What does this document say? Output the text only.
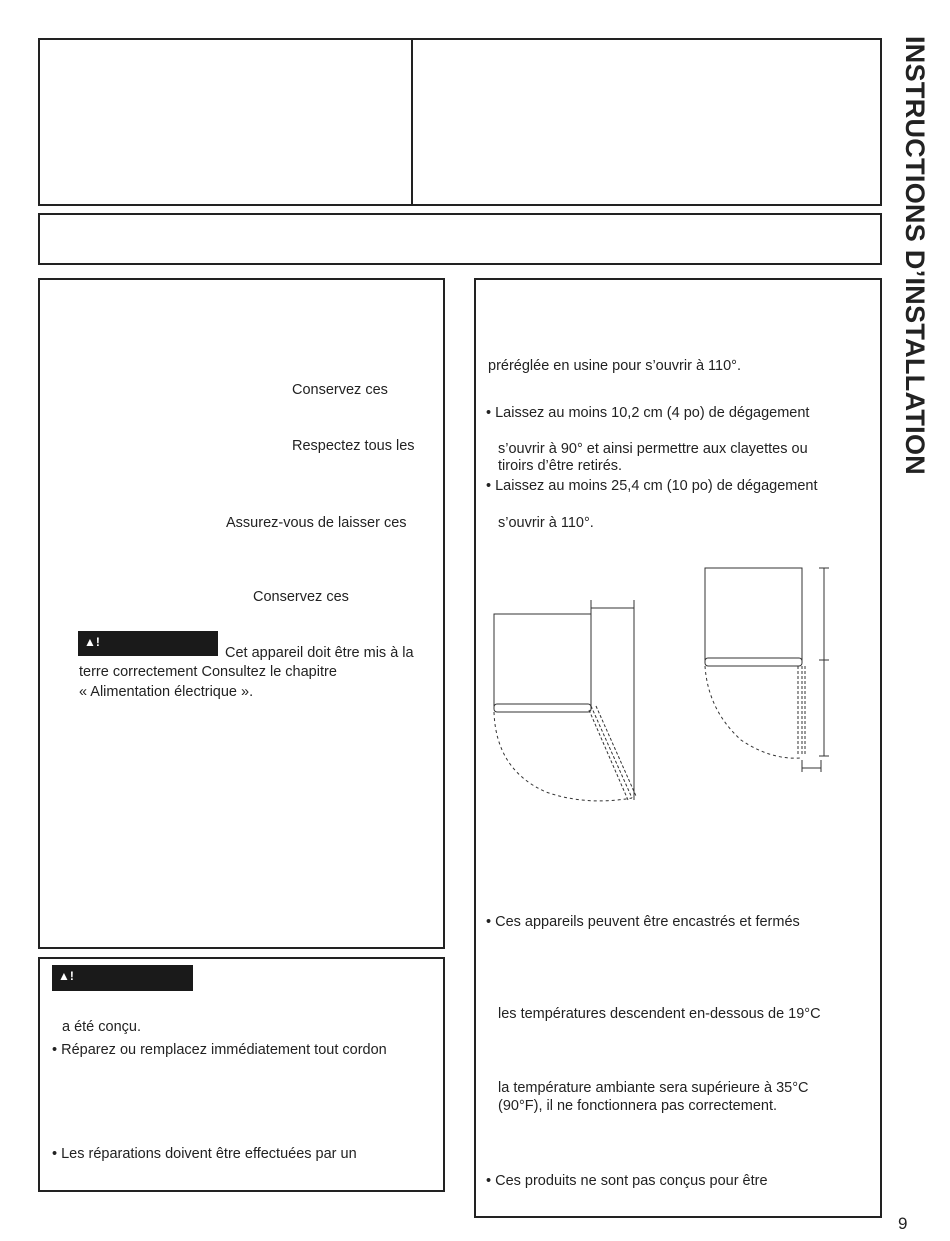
INSTRUCTIONS D’INSTALLATION
Conservez ces
Respectez tous les
Assurez-vous de laisser ces
Conservez ces
▲!
Cet appareil doit être mis à la
terre correctement Consultez le chapitre
« Alimentation électrique ».
▲!
a été conçu.
• Réparez ou remplacez immédiatement tout cordon
• Les réparations doivent être effectuées par un
préréglée en usine pour s’ouvrir à 110°.
• Laissez au moins 10,2 cm (4 po) de dégagement
s’ouvrir à 90° et ainsi permettre aux clayettes ou
tiroirs d’être retirés.
• Laissez au moins 25,4 cm (10 po) de dégagement
s’ouvrir à 110°.
• Ces appareils peuvent être encastrés et fermés
les températures descendent en-dessous de 19°C
la température ambiante sera supérieure à 35°C
(90°F), il ne fonctionnera pas correctement.
• Ces produits ne sont pas conçus pour être
9
